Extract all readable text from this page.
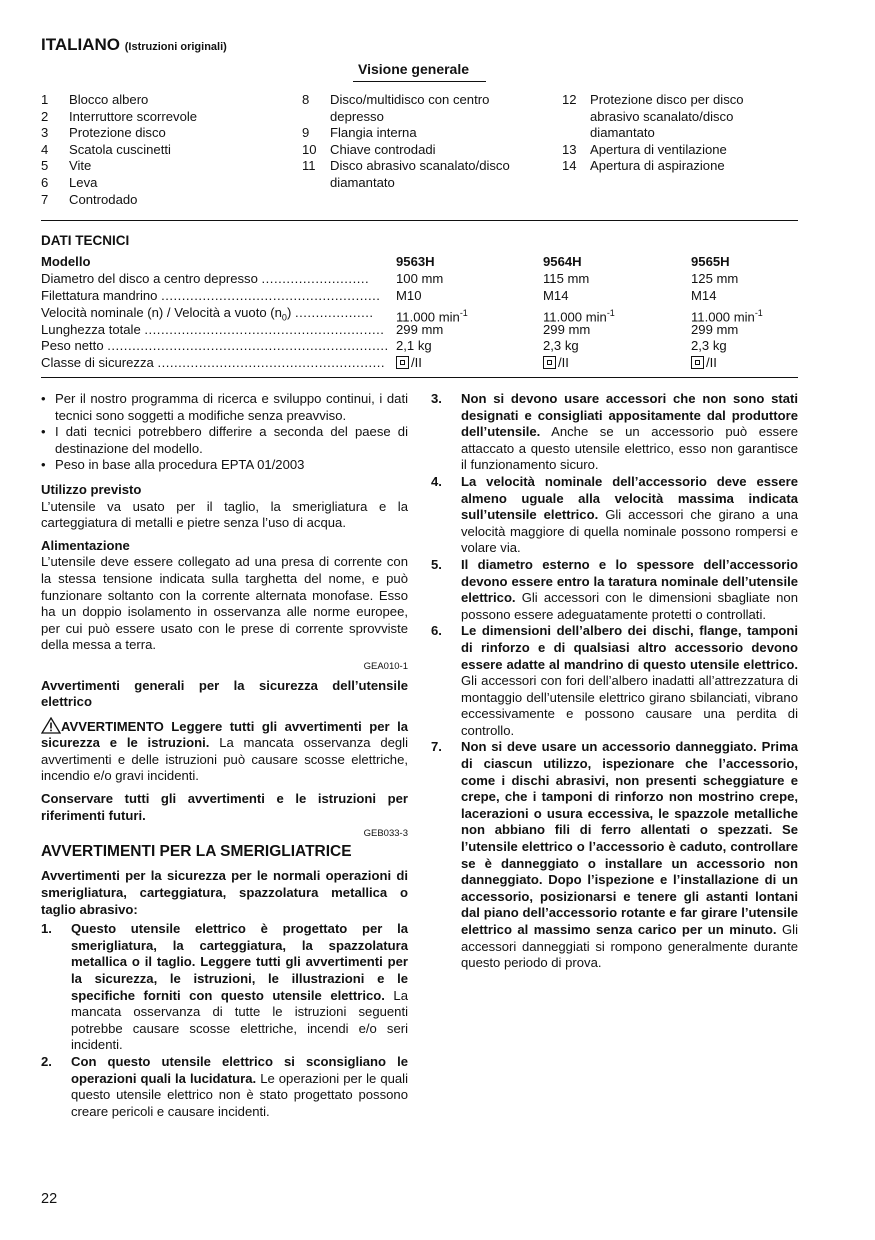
ITALIANO (Istruzioni originali)
Visione generale
1	Blocco albero
2	Interruttore scorrevole
3	Protezione disco
4	Scatola cuscinetti
5	Vite
6	Leva
7	Controdado
8	Disco/multidisco con centro depresso
9	Flangia interna
10	Chiave controdadi
11	Disco abrasivo scanalato/disco diamantato
12	Protezione disco per disco abrasivo scanalato/disco diamantato
13	Apertura di ventilazione
14	Apertura di aspirazione
DATI TECNICI
Modello	9563H	9564H	9565H
Diametro del disco a centro depresso ..........................	100 mm	115 mm	125 mm
Filettatura mandrino .....................................................	M10	M14	M14
Velocità nominale (n) / Velocità a vuoto $(n_0)$ ...................	11.000 $\min^{-1}$	11.000 $\min^{-1}$	11.000 $\min^{-1}$
Lunghezza totale .......................................................... 299 mm	299 mm	299 mm
Peso netto .................................................................... 2,1 kg	2,3 kg	2,3 kg
Classe di sicurezza .......................................................	/II	/II	/II
• Per il nostro programma di ricerca e sviluppo continui, i dati tecnici sono soggetti a modifiche senza preavviso.
• I dati tecnici potrebbero differire a seconda del paese di destinazione del modello.
• Peso in base alla procedura EPTA 01/2003
Utilizzo previsto

L’utensile va usato per il taglio, la smerigliatura e la carteggiatura di metalli e pietre senza l’uso di acqua.

Alimentazione

L’utensile deve essere collegato ad una presa di corrente con la stessa tensione indicata sulla targhetta del nome, e può funzionare soltanto con la corrente alternata monofase. Esso ha un doppio isolamento in osservanza alle norme europee, per cui può essere usato con le prese di corrente sprovviste della messa a terra.

GEA010-1
Avvertimenti generali per la sicurezza dell’utensile elettrico

AVVERTIMENTO Leggere tutti gli avvertimenti per la sicurezza e le istruzioni. La mancata osservanza degli avvertimenti e delle istruzioni può causare scosse elettriche, incendio e/o gravi incidenti.

Conservare tutti gli avvertimenti e le istruzioni per riferimenti futuri.

GEB033-3
AVVERTIMENTI PER LA SMERIGLIATRICE

Avvertimenti per la sicurezza per le normali operazioni di smerigliatura, carteggiatura, spazzolatura metallica o taglio abrasivo:

1.	Questo utensile elettrico è progettato per la smerigliatura, la carteggiatura, la spazzolatura metallica o il taglio. Leggere tutti gli avvertimenti per la sicurezza, le istruzioni, le illustrazioni e le specifiche forniti con questo utensile elettrico. La mancata osservanza di tutte le istruzioni seguenti potrebbe causare scosse elettriche, incendi e/o seri incidenti.
2.	Con questo utensile elettrico si sconsigliano le operazioni quali la lucidatura. Le operazioni per le quali questo utensile elettrico non è stato progettato possono creare pericoli e causare incidenti.
3.	Non si devono usare accessori che non sono stati designati e consigliati appositamente dal produttore dell’utensile. Anche se un accessorio può essere attaccato a questo utensile elettrico, esso non garantisce il funzionamento sicuro.
4.	La velocità nominale dell’accessorio deve essere almeno uguale alla velocità massima indicata sull’utensile elettrico. Gli accessori che girano a una velocità maggiore di quella nominale possono rompersi e volare via.
5.	Il diametro esterno e lo spessore dell’accessorio devono essere entro la taratura nominale dell’utensile elettrico. Gli accessori con le dimensioni sbagliate non possono essere adeguatamente protetti o controllati.
6.	Le dimensioni dell’albero dei dischi, flange, tamponi di rinforzo e di qualsiasi altro accessorio devono essere adatte al mandrino di questo utensile elettrico. Gli accessori con fori dell’albero inadatti all’attrezzatura di montaggio dell’utensile elettrico girano sbilanciati, vibrano eccessivamente e possono causare una perdita di controllo.
7.	Non si deve usare un accessorio danneggiato. Prima di ciascun utilizzo, ispezionare che l’accessorio, come i dischi abrasivi, non presenti scheggiature e crepe, che i tamponi di rinforzo non mostrino crepe, lacerazioni o usura eccessiva, le spazzole metalliche non abbiano fili di ferro allentati o spezzati. Se l’utensile elettrico o l’accessorio è caduto, controllare se è danneggiato o installare un accessorio non danneggiato. Dopo l’ispezione e l’installazione di un accessorio, posizionarsi e tenere gli astanti lontani dal piano dell’accessorio rotante e far girare l’utensile elettrico al massimo senza carico per un minuto. Gli accessori danneggiati si rompono generalmente durante questo periodo di prova.
22
